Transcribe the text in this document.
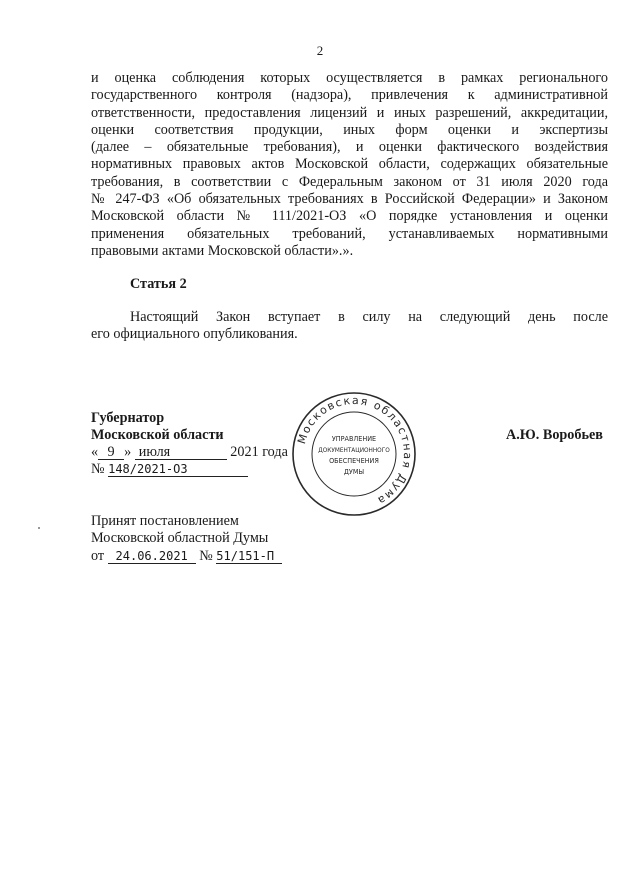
2
и оценка соблюдения которых осуществляется в рамках регионального
государственного контроля (надзора), привлечения к административной
ответственности, предоставления лицензий и иных разрешений, аккредитации,
оценки соответствия продукции, иных форм оценки и экспертизы
(далее – обязательные требования), и оценки фактического воздействия
нормативных правовых актов Московской области, содержащих обязательные
требования, в соответствии с Федеральным законом от 31 июля 2020 года
№ 247-ФЗ «Об обязательных требованиях в Российской Федерации» и Законом
Московской области № 111/2021-ОЗ «О порядке установления и оценки
применения обязательных требований, устанавливаемых нормативными
правовыми актами Московской области».».
Статья 2
Настоящий Закон вступает в силу на следующий день после
его официального опубликования.
Губернатор
Московской области
« 9 » июля	2021 года
№ 148/2021-ОЗ
Московская областная Дума
УПРАВЛЕНИЕ
ДОКУМЕНТАЦИОННОГО
ОБЕСПЕЧЕНИЯ
ДУМЫ
А.Ю. Воробьев
Принят постановлением
Московской областной Думы
от 24.06.2021 № 51/151-П
